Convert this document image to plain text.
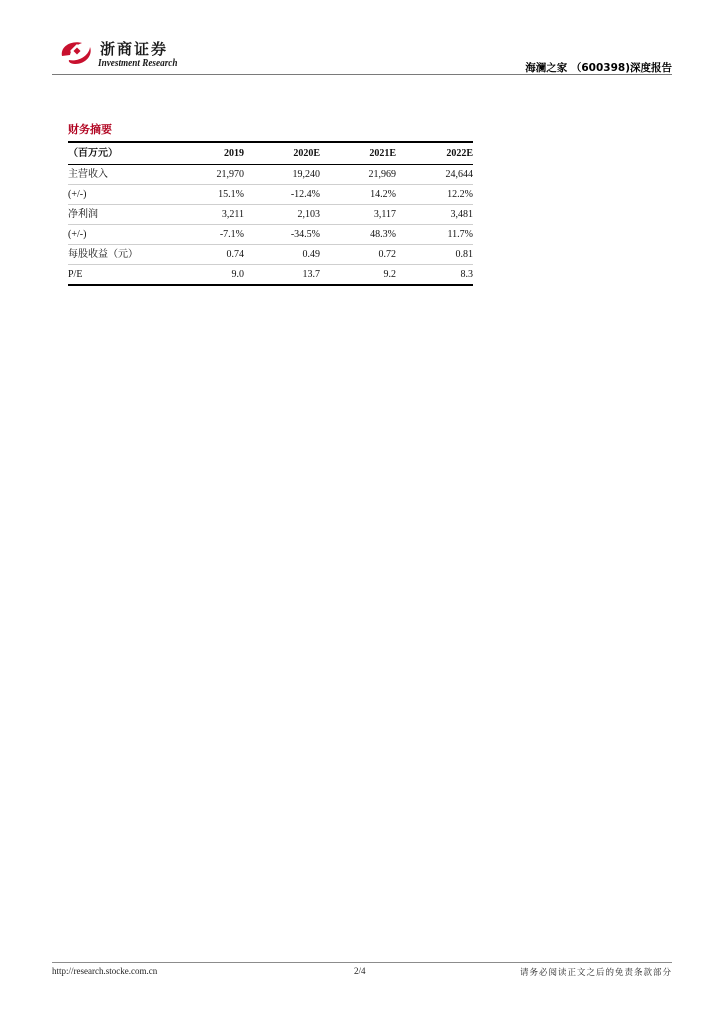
浙商证券
Investment Research	海澜之家 （600398)深度报告
财务摘要
（百万元）	2019	2020E	2021E	2022E
主营收入	21,970	19,240	21,969	24,644
(+/-)	15.1%	-12.4%	14.2%	12.2%
净利润	3,211	2,103	3,117	3,481
(+/-)	-7.1%	-34.5%	48.3%	11.7%
每股收益（元）	0.74	0.49	0.72	0.81
P/E	9.0	13.7	9.2	8.3
http://research.stocke.com.cn	2/4	请务必阅读正文之后的免责条款部分
